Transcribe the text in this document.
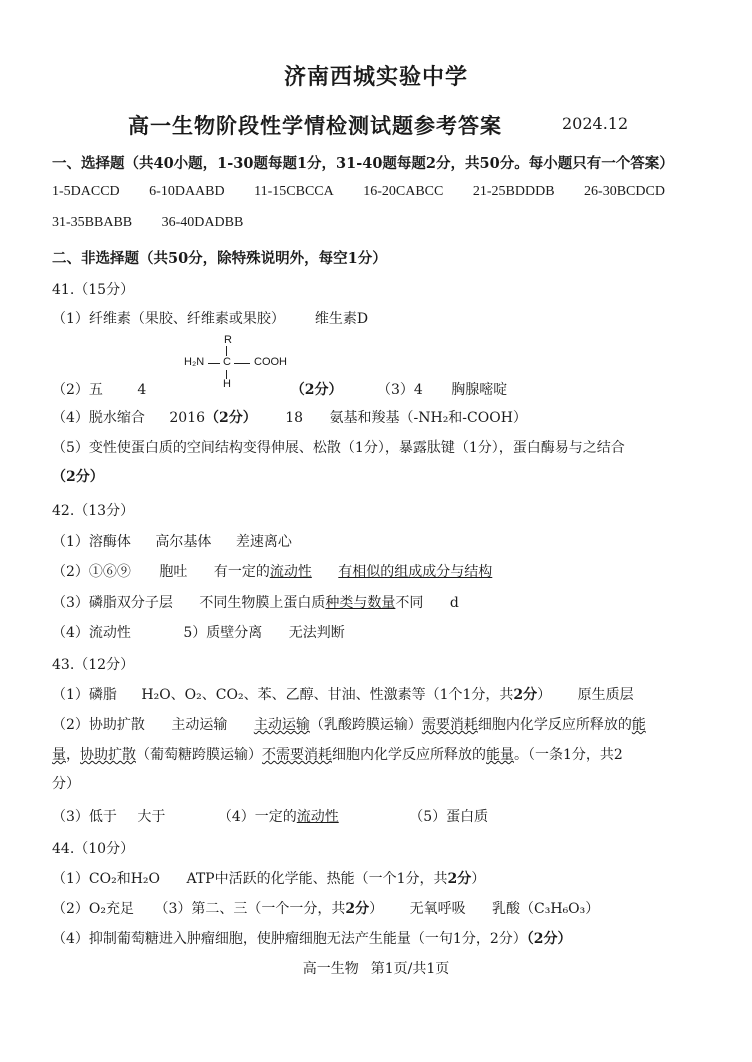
济南西城实验中学
高一生物阶段性学情检测试题参考答案	2024.12
一、选择题（共40小题，1-30题每题1分，31-40题每题2分，共50分。每小题只有一个答案）
1-5DACCD 6-10DAABD 11-15CBCCA 16-20CABCC 21-25BDDDB 26-30BCDCD
31-35BBABB 36-40DADBB
二、非选择题（共50分，除特殊说明外，每空1分）
41.（15分）
（1）纤维素（果胶、纤维素或果胶） 维生素D
R
H₂N C COOH
H
（2）五 4	（2分） （3）4 胸腺嘧啶
（4）脱水缩合 2016（2分） 18 氨基和羧基（-NH₂和-COOH）
（5）变性使蛋白质的空间结构变得伸展、松散（1分），暴露肽键（1分），蛋白酶易与之结合
（2分）
42.（13分）
（1）溶酶体 高尔基体 差速离心
（2）①⑥⑨ 胞吐 有一定的流动性 有相似的组成成分与结构
（3）磷脂双分子层 不同生物膜上蛋白质种类与数量不同 d
（4）流动性	5）质壁分离 无法判断
43.（12分）
（1）磷脂 H₂O、O₂、CO₂、苯、乙醇、甘油、性激素等（1个1分，共2分） 原生质层
（2）协助扩散 主动运输 主动运输（乳酸跨膜运输）需要消耗细胞内化学反应所释放的能
量，协助扩散（葡萄糖跨膜运输）不需要消耗细胞内化学反应所释放的能量。（一条1分，共2
分）
（3）低于 大于	（4）一定的流动性	（5）蛋白质
44.（10分）
（1）CO₂和H₂O ATP中活跃的化学能、热能（一个1分，共2分）
（2）O₂充足 （3）第二、三（一个一分，共2分） 无氧呼吸 乳酸（C₃H₆O₃）
（4）抑制葡萄糖进入肿瘤细胞，使肿瘤细胞无法产生能量（一句1分，2分）（2分）
高一生物 第1页/共1页
